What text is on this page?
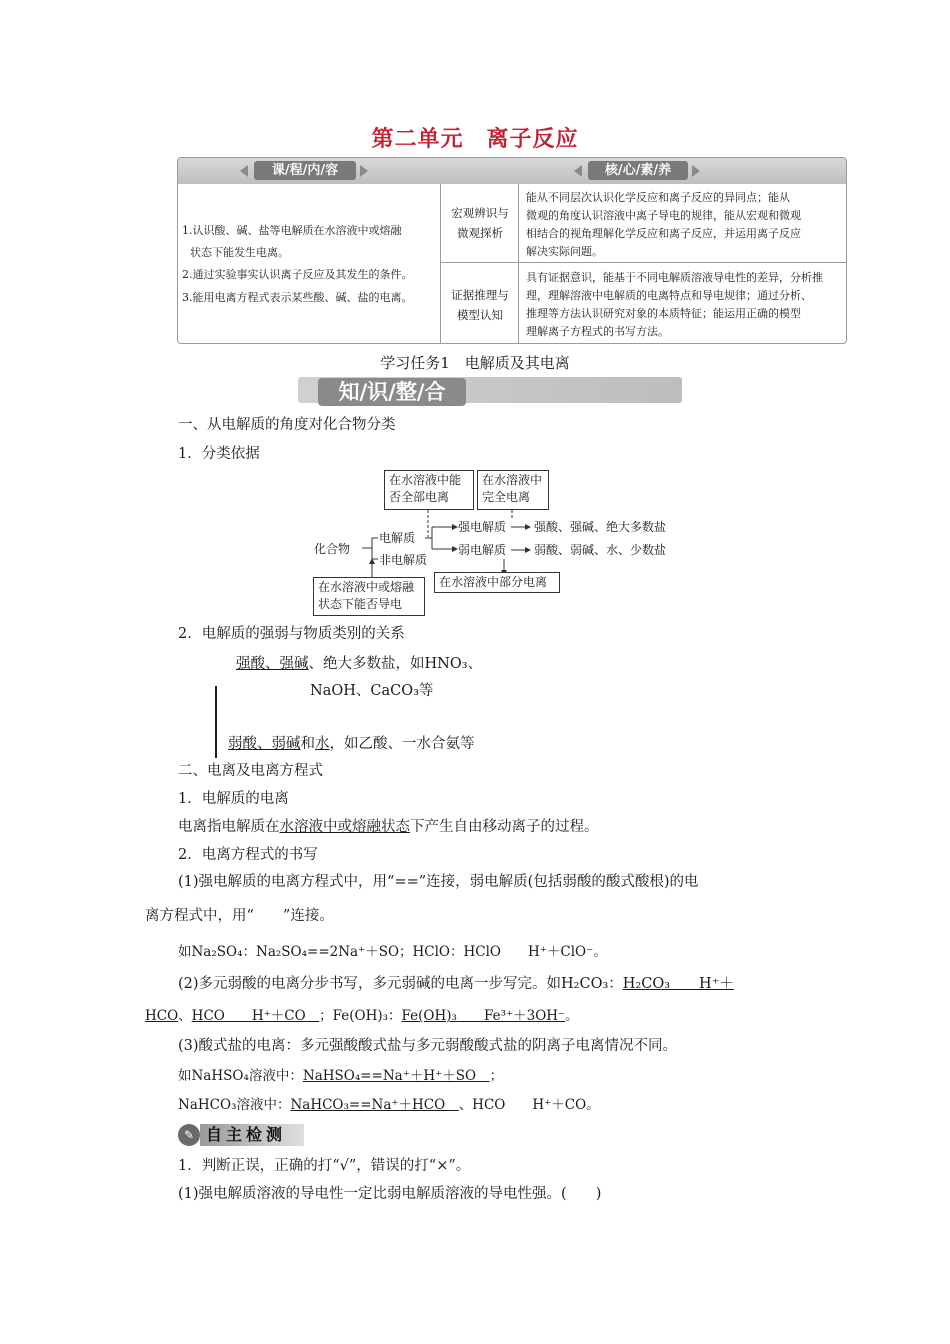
第二单元　离子反应
课/程/内/容	核/心/素/养
1.认识酸、碱、盐等电解质在水溶液中或熔融
状态下能发生电离。
2.通过实验事实认识离子反应及其发生的条件。
3.能用电离方程式表示某些酸、碱、盐的电离。
宏观辨识与
微观探析
能从不同层次认识化学反应和离子反应的异同点；能从
微观的角度认识溶液中离子导电的规律，能从宏观和微观
相结合的视角理解化学反应和离子反应，并运用离子反应
解决实际问题。
证据推理与
模型认知
具有证据意识，能基于不同电解质溶液导电性的差异，分析推
理，理解溶液中电解质的电离特点和导电规律；通过分析、
推理等方法认识研究对象的本质特征；能运用正确的模型
理解离子方程式的书写方法。
学习任务1　电解质及其电离
知/识/整/合
一、从电解质的角度对化合物分类
1．分类依据
在水溶液中能
否全部电离
在水溶液中
完全电离
化合物
电解质
非电解质
强电解质
弱电解质
强酸、强碱、绝大多数盐
弱酸、弱碱、水、少数盐
在水溶液中或熔融
状态下能否导电
在水溶液中部分电离
2．电解质的强弱与物质类别的关系
强酸、强碱、绝大多数盐，如HNO₃、
NaOH、CaCO₃等
弱酸、弱碱和水，如乙酸、一水合氨等
二、电离及电离方程式
1．电解质的电离
电离指电解质在水溶液中或熔融状态下产生自由移动离子的过程。
2．电离方程式的书写
(1)强电解质的电离方程式中，用“==”连接，弱电解质(包括弱酸的酸式酸根)的电
离方程式中，用“　　”连接。
如Na₂SO₄：Na₂SO₄==2Na⁺＋SO；HClO：HClO　　H⁺＋ClO⁻。
(2)多元弱酸的电离分步书写，多元弱碱的电离一步写完。如H₂CO₃：H₂CO₃　　H⁺＋
HCO、HCO　　H⁺＋CO　；Fe(OH)₃：Fe(OH)₃　　Fe³⁺＋3OH⁻。
(3)酸式盐的电离：多元强酸酸式盐与多元弱酸酸式盐的阴离子电离情况不同。
如NaHSO₄溶液中：NaHSO₄==Na⁺＋H⁺＋SO　；
NaHCO₃溶液中：NaHCO₃==Na⁺＋HCO　、HCO　　H⁺＋CO。
✎ 自主检测
1．判断正误，正确的打“√”，错误的打“×”。
(1)强电解质溶液的导电性一定比弱电解质溶液的导电性强。(　　)
